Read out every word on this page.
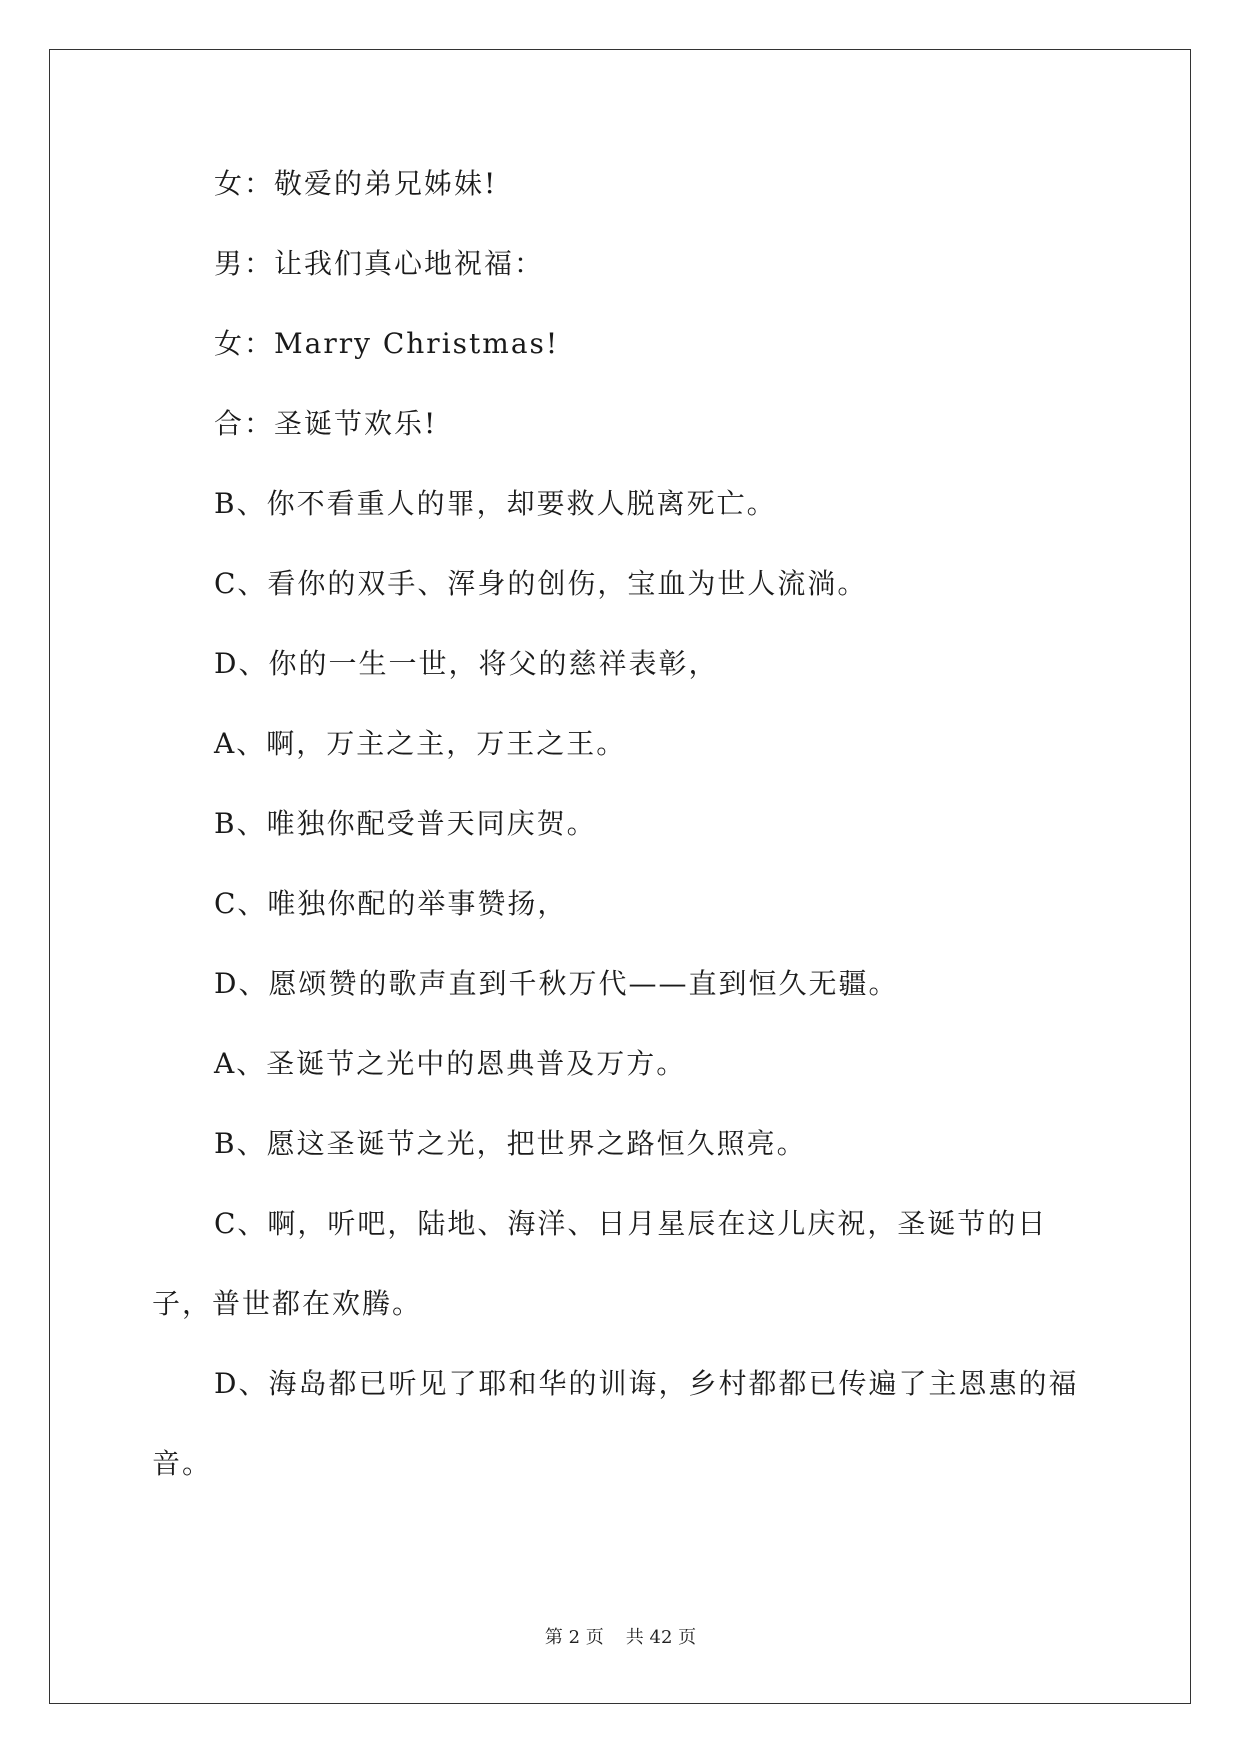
女：敬爱的弟兄姊妹!

男：让我们真心地祝福：

女：Marry Christmas!

合：圣诞节欢乐!

B、你不看重人的罪，却要救人脱离死亡。

C、看你的双手、浑身的创伤，宝血为世人流淌。

D、你的一生一世，将父的慈祥表彰，

A、啊，万主之主，万王之王。

B、唯独你配受普天同庆贺。

C、唯独你配的举事赞扬，

D、愿颂赞的歌声直到千秋万代——直到恒久无疆。

A、圣诞节之光中的恩典普及万方。

B、愿这圣诞节之光，把世界之路恒久照亮。

C、啊，听吧，陆地、海洋、日月星辰在这儿庆祝，圣诞节的日子，普世都在欢腾。

D、海岛都已听见了耶和华的训诲，乡村都都已传遍了主恩惠的福音。

第 2 页 共 42 页
